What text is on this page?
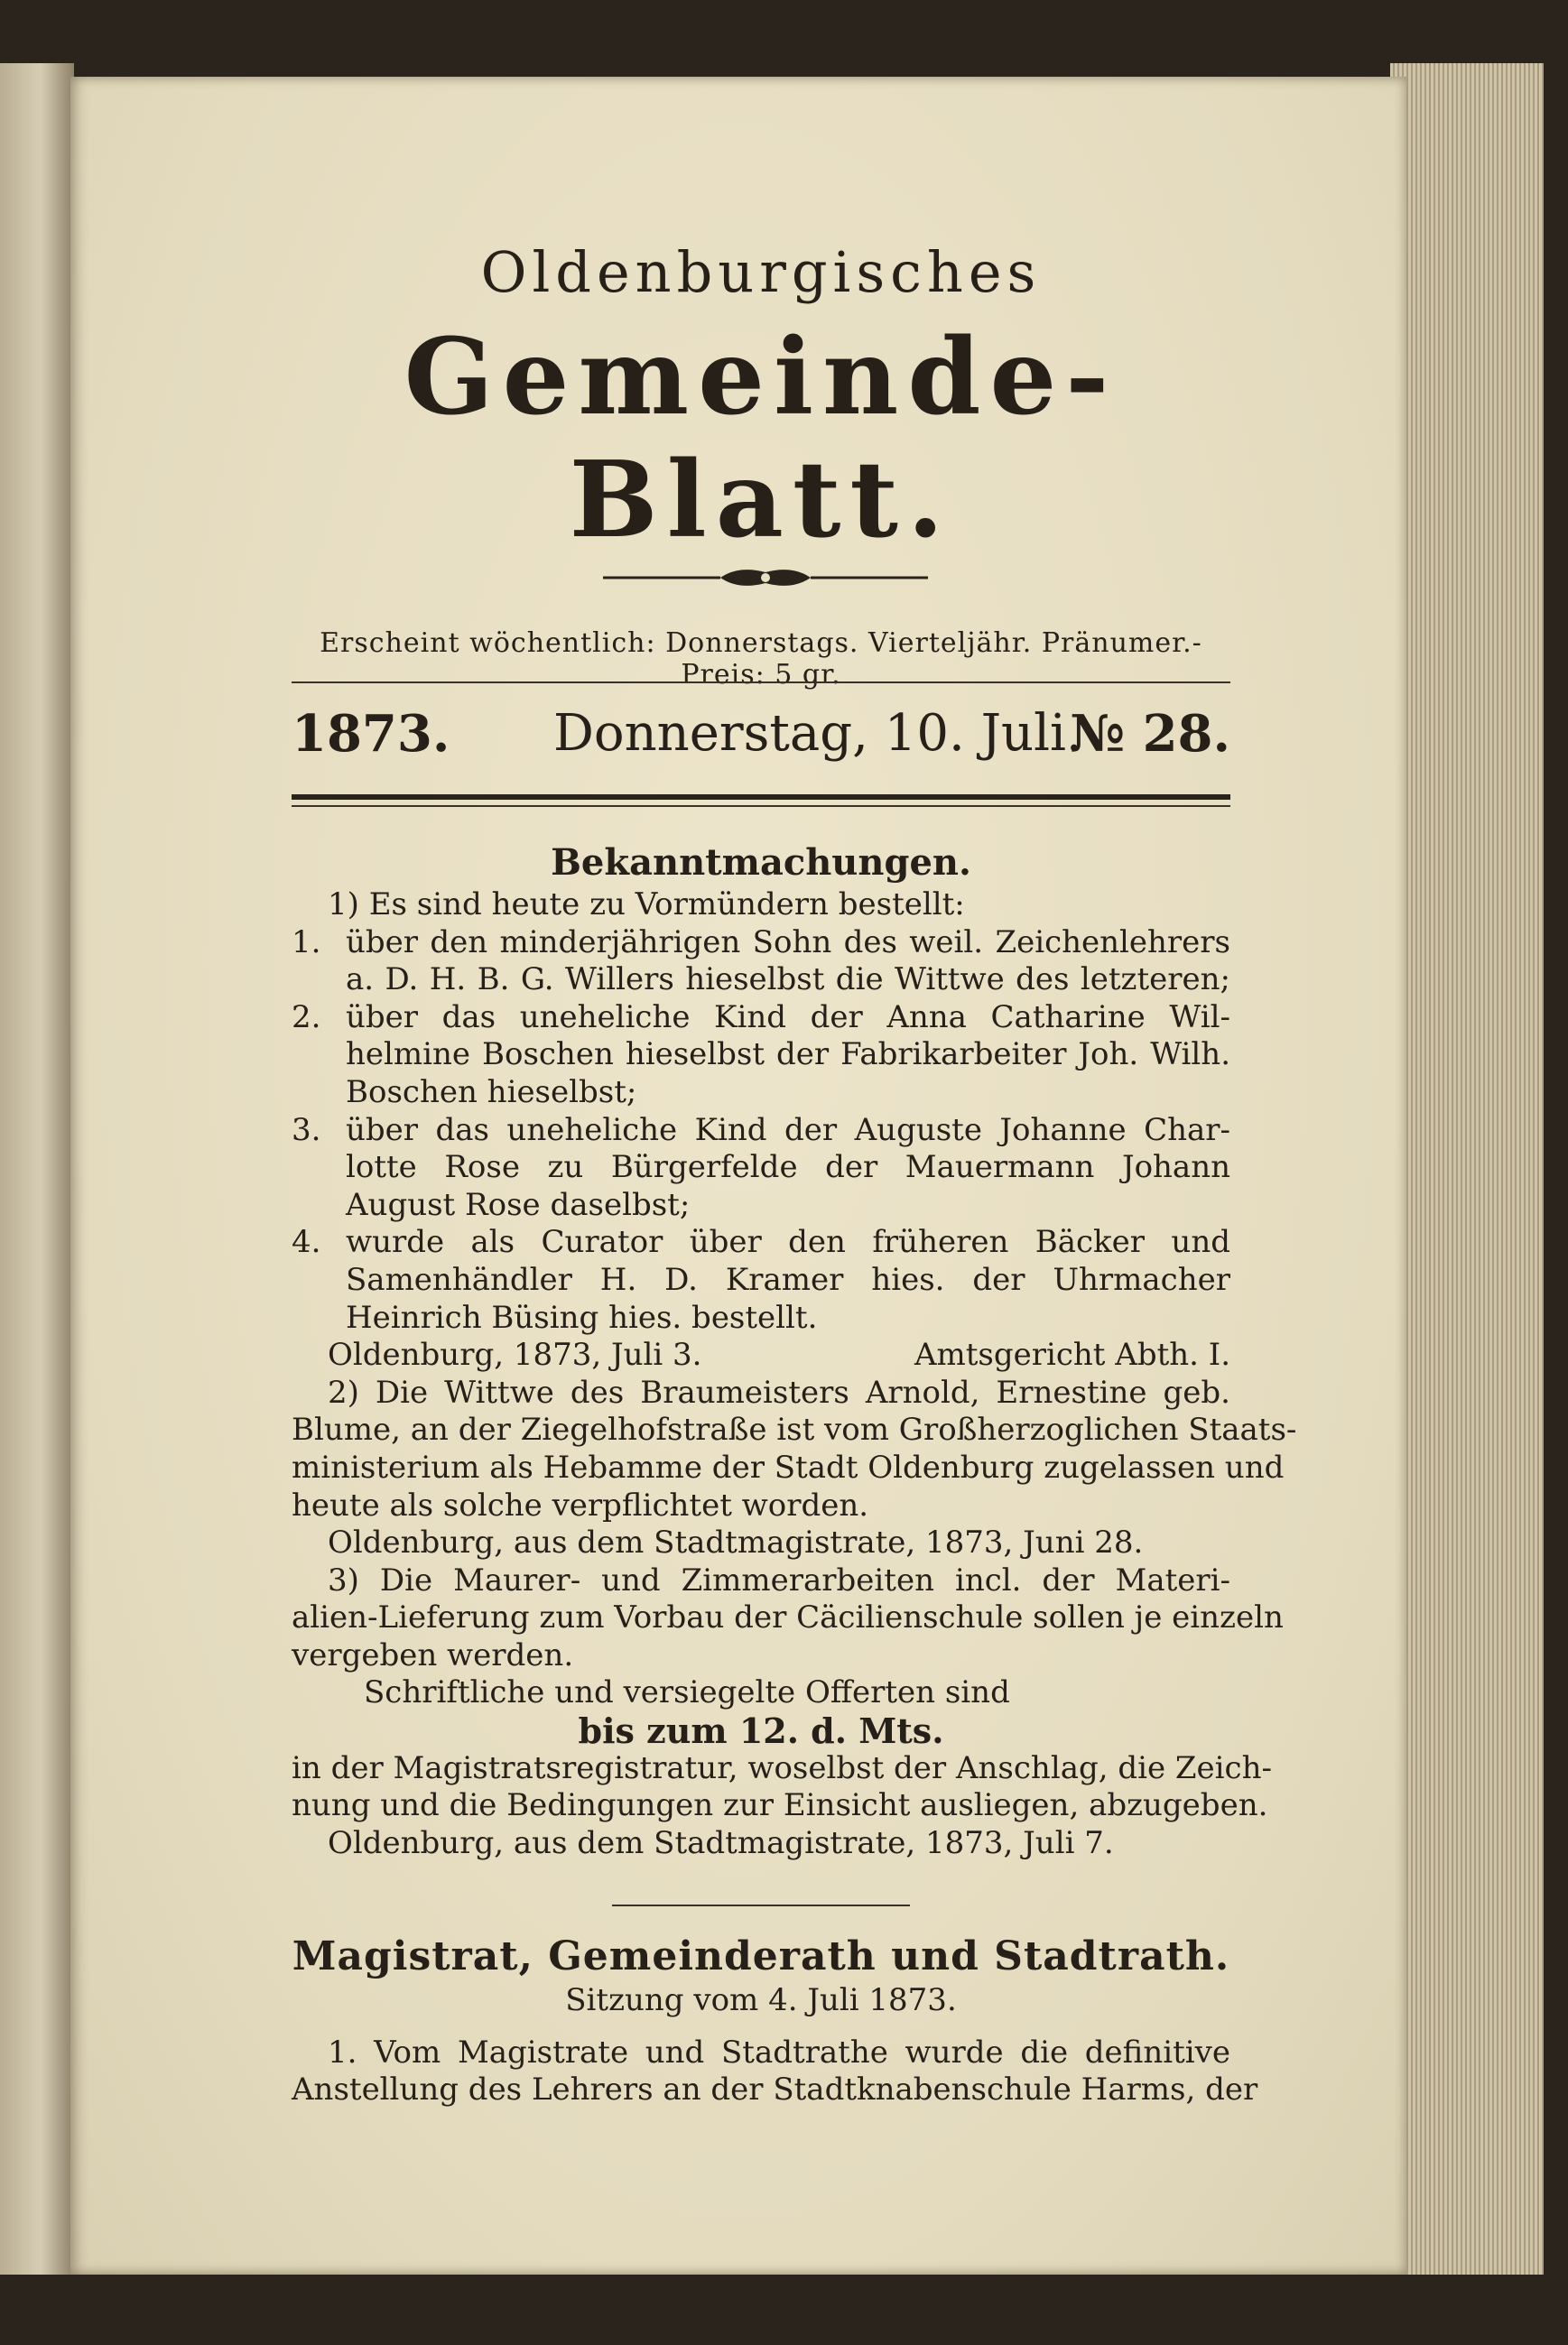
Oldenburgisches
Gemeinde-Blatt.
Erscheint wöchentlich: Donnerstags. Vierteljähr. Pränumer.-Preis: 5 gr.
1873. Donnerstag, 10. Juli.
№ 28.

Bekanntmachungen.

1) Es sind heute zu Vormündern bestellt:

1. über den minderjährigen Sohn des weil. Zeichenlehrers

a. D. H. B. G. Willers hieselbst die Wittwe des letzteren;

2. über das uneheliche Kind der Anna Catharine Wil-

helmine Boschen hieselbst der Fabrikarbeiter Joh. Wilh.

Boschen hieselbst;

3. über das uneheliche Kind der Auguste Johanne Char-

lotte Rose zu Bürgerfelde der Mauermann Johann

August Rose daselbst;

4. wurde als Curator über den früheren Bäcker und

Samenhändler H. D. Kramer hies. der Uhrmacher

Heinrich Büsing hies. bestellt.

Oldenburg, 1873, Juli 3.	Amtsgericht Abth. I.

2) Die Wittwe des Braumeisters Arnold, Ernestine geb.

Blume, an der Ziegelhofstraße ist vom Großherzoglichen Staats-

ministerium als Hebamme der Stadt Oldenburg zugelassen und

heute als solche verpflichtet worden.

Oldenburg, aus dem Stadtmagistrate, 1873, Juni 28.

3) Die Maurer- und Zimmerarbeiten incl. der Materi-

alien-Lieferung zum Vorbau der Cäcilienschule sollen je einzeln

vergeben werden.

Schriftliche und versiegelte Offerten sind

bis zum 12. d. Mts.

in der Magistratsregistratur, woselbst der Anschlag, die Zeich-

nung und die Bedingungen zur Einsicht ausliegen, abzugeben.

Oldenburg, aus dem Stadtmagistrate, 1873, Juli 7.

Magistrat, Gemeinderath und Stadtrath.

Sitzung vom 4. Juli 1873.

1. Vom Magistrate und Stadtrathe wurde die definitive

Anstellung des Lehrers an der Stadtknabenschule Harms, der
